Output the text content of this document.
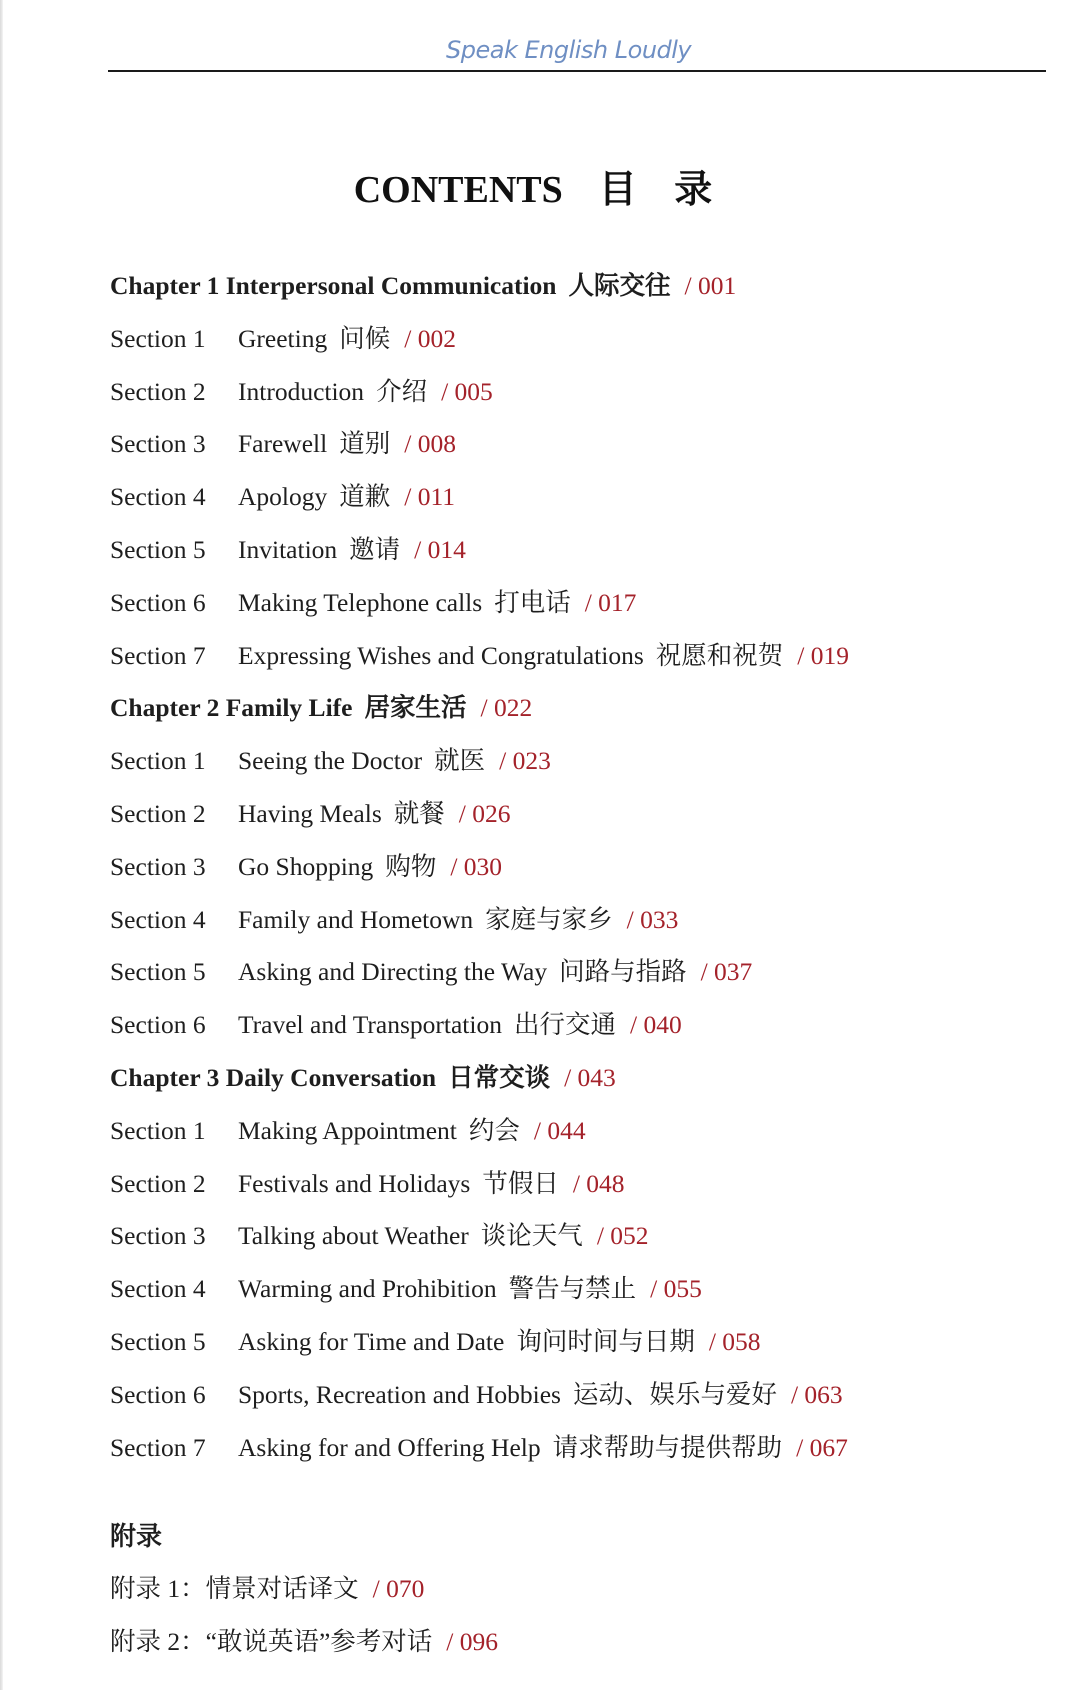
Speak English Loudly
CONTENTS 目 录
Chapter 1 Interpersonal Communication 人际交往 / 001
Section 1 Greeting 问候 / 002
Section 2 Introduction 介绍 / 005
Section 3 Farewell 道别 / 008
Section 4 Apology 道歉 / 011
Section 5 Invitation 邀请 / 014
Section 6 Making Telephone calls 打电话 / 017
Section 7 Expressing Wishes and Congratulations 祝愿和祝贺 / 019
Chapter 2 Family Life 居家生活 / 022
Section 1 Seeing the Doctor 就医 / 023
Section 2 Having Meals 就餐 / 026
Section 3 Go Shopping 购物 / 030
Section 4 Family and Hometown 家庭与家乡 / 033
Section 5 Asking and Directing the Way 问路与指路 / 037
Section 6 Travel and Transportation 出行交通 / 040
Chapter 3 Daily Conversation 日常交谈 / 043
Section 1 Making Appointment 约会 / 044
Section 2 Festivals and Holidays 节假日 / 048
Section 3 Talking about Weather 谈论天气 / 052
Section 4 Warming and Prohibition 警告与禁止 / 055
Section 5 Asking for Time and Date 询问时间与日期 / 058
Section 6 Sports, Recreation and Hobbies 运动、娱乐与爱好 / 063
Section 7 Asking for and Offering Help 请求帮助与提供帮助 / 067
附录
附录 1：情景对话译文 / 070
附录 2：“敢说英语”参考对话 / 096
